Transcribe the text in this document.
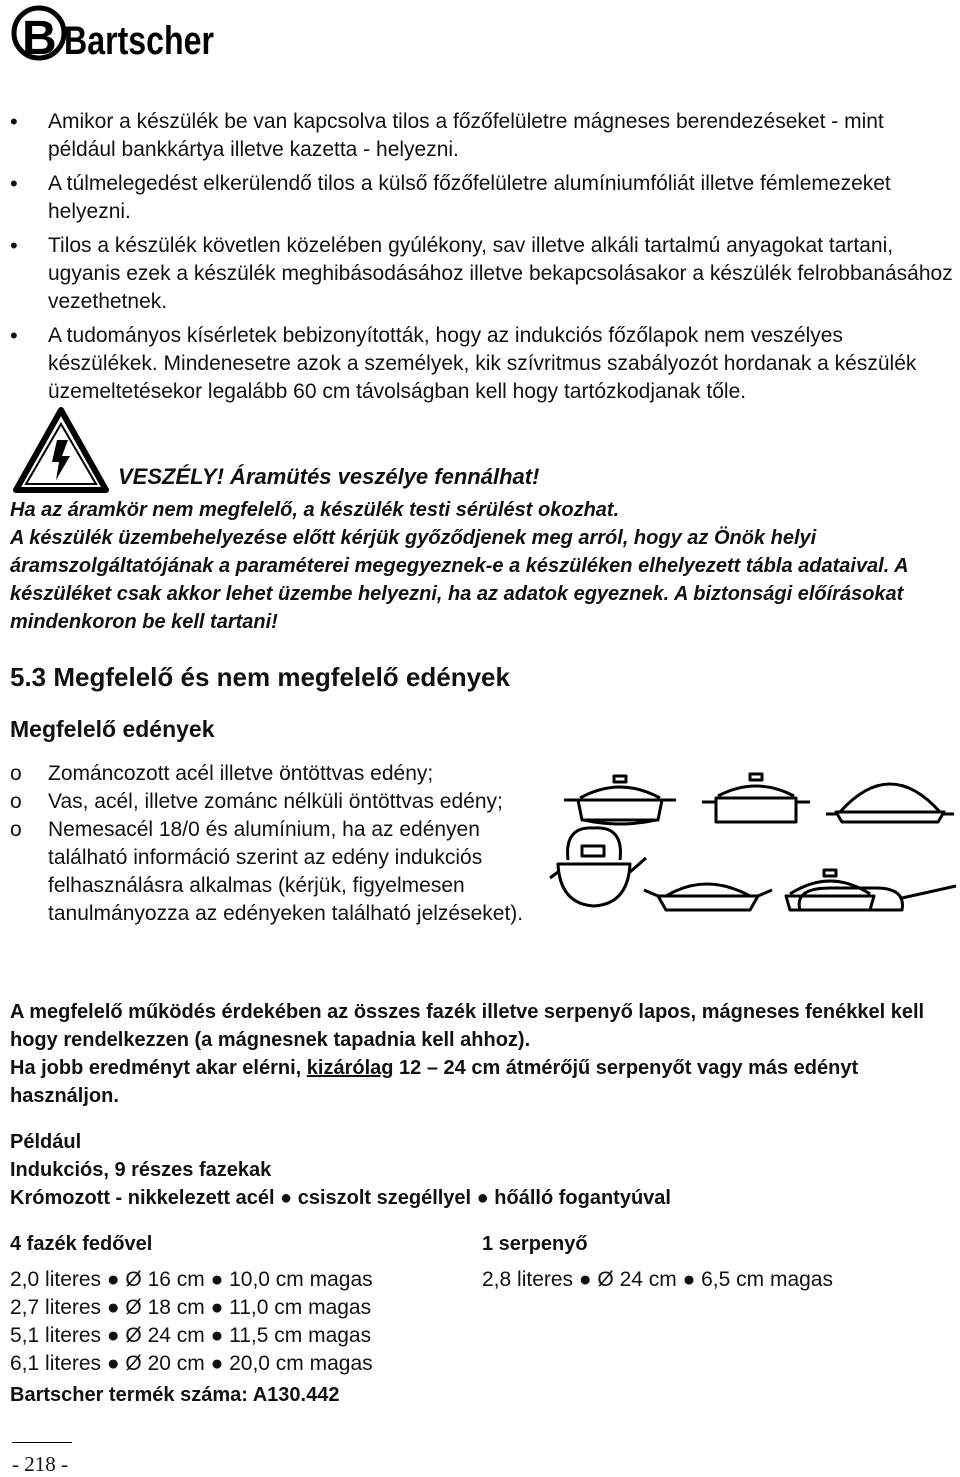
B Bartscher
• Amikor a készülék be van kapcsolva tilos a főzőfelületre mágneses berendezéseket - mint például bankkártya illetve kazetta - helyezni.
• A túlmelegedést elkerülendő tilos a külső főzőfelületre alumíniumfóliát illetve fémlemezeket helyezni.
• Tilos a készülék követlen közelében gyúlékony, sav illetve alkáli tartalmú anyagokat tartani, ugyanis ezek a készülék meghibásodásához illetve bekapcsolásakor a készülék felrobbanásához vezethetnek.
• A tudományos kísérletek bebizonyították, hogy az indukciós főzőlapok nem veszélyes készülékek. Mindenesetre azok a személyek, kik szívritmus szabályozót hordanak a készülék üzemeltetésekor legalább 60 cm távolságban kell hogy tartózkodjanak tőle.
VESZÉLY! Áramütés veszélye fennálhat!

Ha az áramkör nem megfelelő, a készülék testi sérülést okozhat.

A készülék üzembehelyezése előtt kérjük győződjenek meg arról, hogy az Önök helyi áramszolgáltatójának a paraméterei megegyeznek-e a készüléken elhelyezett tábla adataival. A készüléket csak akkor lehet üzembe helyezni, ha az adatok egyeznek. A biztonsági előírásokat mindenkoron be kell tartani!

5.3 Megfelelő és nem megfelelő edények
Megfelelő edények
o Zománcozott acél illetve öntöttvas edény;
o Vas, acél, illetve zománc nélküli öntöttvas edény;
o Nemesacél 18/0 és alumínium, ha az edényen található információ szerint az edény indukciós felhasználásra alkalmas (kérjük, figyelmesen tanulmányozza az edényeken található jelzéseket).

A megfelelő működés érdekében az összes fazék illetve serpenyő lapos, mágneses fenékkel kell hogy rendelkezzen (a mágnesnek tapadnia kell ahhoz).

Ha jobb eredményt akar elérni, kizárólag 12 – 24 cm átmérőjű serpenyőt vagy más edényt használjon.

Például
Indukciós, 9 részes fazekak
Krómozott - nikkelezett acél ● csiszolt szegéllyel ● hőálló fogantyúval
4 fazék fedővel
2,0 literes ● Ø 16 cm ● 10,0 cm magas
2,7 literes ● Ø 18 cm ● 11,0 cm magas
5,1 literes ● Ø 24 cm ● 11,5 cm magas
6,1 literes ● Ø 20 cm ● 20,0 cm magas
1 serpenyő
2,8 literes ● Ø 24 cm ● 6,5 cm magas
Bartscher termék száma: A130.442
- 218 -
